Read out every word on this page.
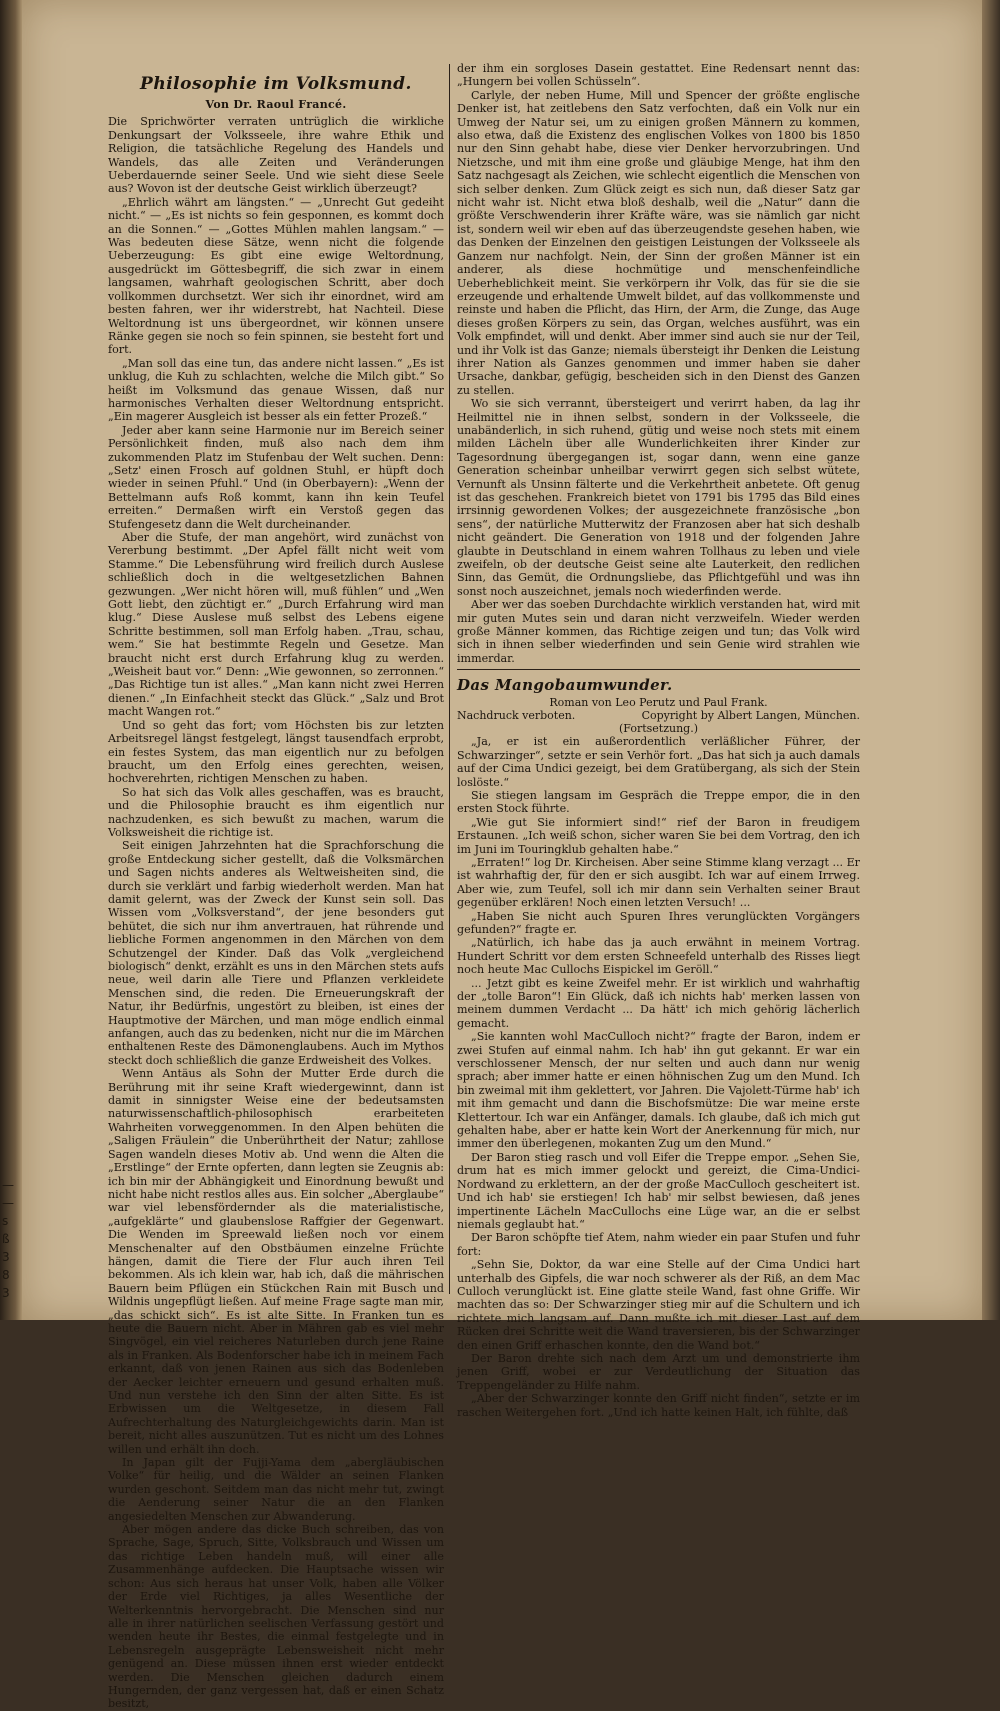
—
—
s
ß
3
8
3
Philosophie im Volksmund.
Von Dr. Raoul Francé.

Die Sprichwörter verraten untrüglich die wirkliche Denkungsart der Volksseele, ihre wahre Ethik und Religion, die tatsächliche Regelung des Handels und Wandels, das alle Zeiten und Veränderungen Ueberdauernde seiner Seele. Und wie sieht diese Seele aus? Wovon ist der deutsche Geist wirklich überzeugt?

„Ehrlich währt am längsten.“ — „Unrecht Gut gedeiht nicht.“ — „Es ist nichts so fein gesponnen, es kommt doch an die Sonnen.“ — „Gottes Mühlen mahlen langsam.“ — Was bedeuten diese Sätze, wenn nicht die folgende Ueberzeugung: Es gibt eine ewige Weltordnung, ausgedrückt im Göttesbegriff, die sich zwar in einem langsamen, wahrhaft geologischen Schritt, aber doch vollkommen durchsetzt. Wer sich ihr einordnet, wird am besten fahren, wer ihr widerstrebt, hat Nachteil. Diese Weltordnung ist uns übergeordnet, wir können unsere Ränke gegen sie noch so fein spinnen, sie besteht fort und fort.

„Man soll das eine tun, das andere nicht lassen.“ „Es ist unklug, die Kuh zu schlachten, welche die Milch gibt.“ So heißt im Volksmund das genaue Wissen, daß nur harmonisches Verhalten dieser Weltordnung entspricht. „Ein magerer Ausgleich ist besser als ein fetter Prozeß.“

Jeder aber kann seine Harmonie nur im Bereich seiner Persönlichkeit finden, muß also nach dem ihm zukommenden Platz im Stufenbau der Welt suchen. Denn: „Setz' einen Frosch auf goldnen Stuhl, er hüpft doch wieder in seinen Pfuhl.“ Und (in Oberbayern): „Wenn der Bettelmann aufs Roß kommt, kann ihn kein Teufel erreiten.“ Dermaßen wirft ein Verstoß gegen das Stufengesetz dann die Welt durcheinander.

Aber die Stufe, der man angehört, wird zunächst von Vererbung bestimmt. „Der Apfel fällt nicht weit vom Stamme.“ Die Lebensführung wird freilich durch Auslese schließlich doch in die weltgesetzlichen Bahnen gezwungen. „Wer nicht hören will, muß fühlen“ und „Wen Gott liebt, den züchtigt er.“ „Durch Erfahrung wird man klug.“ Diese Auslese muß selbst des Lebens eigene Schritte bestimmen, soll man Erfolg haben. „Trau, schau, wem.“ Sie hat bestimmte Regeln und Gesetze. Man braucht nicht erst durch Erfahrung klug zu werden. „Weisheit baut vor.“ Denn: „Wie gewonnen, so zerronnen.“ „Das Richtige tun ist alles.“ „Man kann nicht zwei Herren dienen.“ „In Einfachheit steckt das Glück.“ „Salz und Brot macht Wangen rot.“

Und so geht das fort; vom Höchsten bis zur letzten Arbeitsregel längst festgelegt, längst tausendfach erprobt, ein festes System, das man eigentlich nur zu befolgen braucht, um den Erfolg eines gerechten, weisen, hochverehrten, richtigen Menschen zu haben.

So hat sich das Volk alles geschaffen, was es braucht, und die Philosophie braucht es ihm eigentlich nur nachzudenken, es sich bewußt zu machen, warum die Volksweisheit die richtige ist.

Seit einigen Jahrzehnten hat die Sprachforschung die große Entdeckung sicher gestellt, daß die Volksmärchen und Sagen nichts anderes als Weltweisheiten sind, die durch sie verklärt und farbig wiederholt werden. Man hat damit gelernt, was der Zweck der Kunst sein soll. Das Wissen vom „Volksverstand“, der jene besonders gut behütet, die sich nur ihm anvertrauen, hat rührende und liebliche Formen angenommen in den Märchen von dem Schutzengel der Kinder. Daß das Volk „vergleichend biologisch“ denkt, erzählt es uns in den Märchen stets aufs neue, weil darin alle Tiere und Pflanzen verkleidete Menschen sind, die reden. Die Erneuerungskraft der Natur, ihr Bedürfnis, ungestört zu bleiben, ist eines der Hauptmotive der Märchen, und man möge endlich einmal anfangen, auch das zu bedenken, nicht nur die im Märchen enthaltenen Reste des Dämonenglaubens. Auch im Mythos steckt doch schließlich die ganze Erdweisheit des Volkes.

Wenn Antäus als Sohn der Mutter Erde durch die Berührung mit ihr seine Kraft wiedergewinnt, dann ist damit in sinnigster Weise eine der bedeutsamsten naturwissenschaftlich-philosophisch erarbeiteten Wahrheiten vorweggenommen. In den Alpen behüten die „Saligen Fräulein“ die Unberührtheit der Natur; zahllose Sagen wandeln dieses Motiv ab. Und wenn die Alten die „Erstlinge“ der Ernte opferten, dann legten sie Zeugnis ab: ich bin mir der Abhängigkeit und Einordnung bewußt und nicht habe nicht restlos alles aus. Ein solcher „Aberglaube“ war viel lebensfördernder als die materialistische, „aufgeklärte“ und glaubenslose Raffgier der Gegenwart. Die Wenden im Spreewald ließen noch vor einem Menschenalter auf den Obstbäumen einzelne Früchte hängen, damit die Tiere der Flur auch ihren Teil bekommen. Als ich klein war, hab ich, daß die mährischen Bauern beim Pflügen ein Stückchen Rain mit Busch und Wildnis ungepflügt ließen. Auf meine Frage sagte man mir, „das schickt sich“. Es ist alte Sitte. In Franken tun es heute die Bauern nicht. Aber in Mähren gab es viel mehr Singvögel, ein viel reicheres Naturleben durch jene Raine als in Franken. Als Bodenforscher habe ich in meinem Fach erkannt, daß von jenen Rainen aus sich das Bodenleben der Aecker leichter erneuern und gesund erhalten muß. Und nun verstehe ich den Sinn der alten Sitte. Es ist Erbwissen um die Weltgesetze, in diesem Fall Aufrechterhaltung des Naturgleichgewichts darin. Man ist bereit, nicht alles auszunützen. Tut es nicht um des Lohnes willen und erhält ihn doch.

In Japan gilt der Fujji-Yama dem „abergläubischen Volke“ für heilig, und die Wälder an seinen Flanken wurden geschont. Seitdem man das nicht mehr tut, zwingt die Aenderung seiner Natur die an den Flanken angesiedelten Menschen zur Abwanderung.

Aber mögen andere das dicke Buch schreiben, das von Sprache, Sage, Spruch, Sitte, Volksbrauch und Wissen um das richtige Leben handeln muß, will einer alle Zusammenhänge aufdecken. Die Hauptsache wissen wir schon: Aus sich heraus hat unser Volk, haben alle Völker der Erde viel Richtiges, ja alles Wesentliche der Welterkenntnis hervorgebracht. Die Menschen sind nur alle in ihrer natürlichen seelischen Verfassung gestört und wenden heute ihr Bestes, die einmal festgelegte und in Lebensregeln ausgeprägte Lebensweisheit nicht mehr genügend an. Diese müssen ihnen erst wieder entdeckt werden. Die Menschen gleichen dadurch einem Hungernden, der ganz vergessen hat, daß er einen Schatz besitzt,

der ihm ein sorgloses Dasein gestattet. Eine Redensart nennt das: „Hungern bei vollen Schüsseln“.

Carlyle, der neben Hume, Mill und Spencer der größte englische Denker ist, hat zeitlebens den Satz verfochten, daß ein Volk nur ein Umweg der Natur sei, um zu einigen großen Männern zu kommen, also etwa, daß die Existenz des englischen Volkes von 1800 bis 1850 nur den Sinn gehabt habe, diese vier Denker hervorzubringen. Und Nietzsche, und mit ihm eine große und gläubige Menge, hat ihm den Satz nachgesagt als Zeichen, wie schlecht eigentlich die Menschen von sich selber denken. Zum Glück zeigt es sich nun, daß dieser Satz gar nicht wahr ist. Nicht etwa bloß deshalb, weil die „Natur“ dann die größte Verschwenderin ihrer Kräfte wäre, was sie nämlich gar nicht ist, sondern weil wir eben auf das überzeugendste gesehen haben, wie das Denken der Einzelnen den geistigen Leistungen der Volksseele als Ganzem nur nachfolgt. Nein, der Sinn der großen Männer ist ein anderer, als diese hochmütige und menschenfeindliche Ueberheblichkeit meint. Sie verkörpern ihr Volk, das für sie die sie erzeugende und erhaltende Umwelt bildet, auf das vollkommenste und reinste und haben die Pflicht, das Hirn, der Arm, die Zunge, das Auge dieses großen Körpers zu sein, das Organ, welches ausführt, was ein Volk empfindet, will und denkt. Aber immer sind auch sie nur der Teil, und ihr Volk ist das Ganze; niemals übersteigt ihr Denken die Leistung ihrer Nation als Ganzes genommen und immer haben sie daher Ursache, dankbar, gefügig, bescheiden sich in den Dienst des Ganzen zu stellen.

Wo sie sich verrannt, übersteigert und verirrt haben, da lag ihr Heilmittel nie in ihnen selbst, sondern in der Volksseele, die unabänderlich, in sich ruhend, gütig und weise noch stets mit einem milden Lächeln über alle Wunderlichkeiten ihrer Kinder zur Tagesordnung übergegangen ist, sogar dann, wenn eine ganze Generation scheinbar unheilbar verwirrt gegen sich selbst wütete, Vernunft als Unsinn fälterte und die Verkehrtheit anbetete. Oft genug ist das geschehen. Frankreich bietet von 1791 bis 1795 das Bild eines irrsinnig gewordenen Volkes; der ausgezeichnete französische „bon sens“, der natürliche Mutterwitz der Franzosen aber hat sich deshalb nicht geändert. Die Generation von 1918 und der folgenden Jahre glaubte in Deutschland in einem wahren Tollhaus zu leben und viele zweifeln, ob der deutsche Geist seine alte Lauterkeit, den redlichen Sinn, das Gemüt, die Ordnungsliebe, das Pflichtgefühl und was ihn sonst noch auszeichnet, jemals noch wiederfinden werde.

Aber wer das soeben Durchdachte wirklich verstanden hat, wird mit mir guten Mutes sein und daran nicht verzweifeln. Wieder werden große Männer kommen, das Richtige zeigen und tun; das Volk wird sich in ihnen selber wiederfinden und sein Genie wird strahlen wie immerdar.

Das Mangobaumwunder.
Roman von Leo Perutz und Paul Frank.
Nachdruck verboten.	Copyright by Albert Langen, München.
(Fortsetzung.)

„Ja, er ist ein außerordentlich verläßlicher Führer, der Schwarzinger“, setzte er sein Verhör fort. „Das hat sich ja auch damals auf der Cima Undici gezeigt, bei dem Gratübergang, als sich der Stein loslöste.“

Sie stiegen langsam im Gespräch die Treppe empor, die in den ersten Stock führte.

„Wie gut Sie informiert sind!“ rief der Baron in freudigem Erstaunen. „Ich weiß schon, sicher waren Sie bei dem Vortrag, den ich im Juni im Touringklub gehalten habe.“

„Erraten!“ log Dr. Kircheisen. Aber seine Stimme klang verzagt ... Er ist wahrhaftig der, für den er sich ausgibt. Ich war auf einem Irrweg. Aber wie, zum Teufel, soll ich mir dann sein Verhalten seiner Braut gegenüber erklären! Noch einen letzten Versuch! ...

„Haben Sie nicht auch Spuren Ihres verunglückten Vorgängers gefunden?“ fragte er.

„Natürlich, ich habe das ja auch erwähnt in meinem Vortrag. Hundert Schritt vor dem ersten Schneefeld unterhalb des Risses liegt noch heute Mac Cullochs Eispickel im Geröll.“

... Jetzt gibt es keine Zweifel mehr. Er ist wirklich und wahrhaftig der „tolle Baron“! Ein Glück, daß ich nichts hab' merken lassen von meinem dummen Verdacht ... Da hätt' ich mich gehörig lächerlich gemacht.

„Sie kannten wohl MacCulloch nicht?“ fragte der Baron, indem er zwei Stufen auf einmal nahm. Ich hab' ihn gut gekannt. Er war ein verschlossener Mensch, der nur selten und auch dann nur wenig sprach; aber immer hatte er einen höhnischen Zug um den Mund. Ich bin zweimal mit ihm geklettert, vor Jahren. Die Vajolett-Türme hab' ich mit ihm gemacht und dann die Bischofsmütze: Die war meine erste Klettertour. Ich war ein Anfänger, damals. Ich glaube, daß ich mich gut gehalten habe, aber er hatte kein Wort der Anerkennung für mich, nur immer den überlegenen, mokanten Zug um den Mund.“

Der Baron stieg rasch und voll Eifer die Treppe empor. „Sehen Sie, drum hat es mich immer gelockt und gereizt, die Cima-Undici-Nordwand zu erklettern, an der der große MacCulloch gescheitert ist. Und ich hab' sie erstiegen! Ich hab' mir selbst bewiesen, daß jenes impertinente Lächeln MacCullochs eine Lüge war, an die er selbst niemals geglaubt hat.“

Der Baron schöpfte tief Atem, nahm wieder ein paar Stufen und fuhr fort:

„Sehn Sie, Doktor, da war eine Stelle auf der Cima Undici hart unterhalb des Gipfels, die war noch schwerer als der Riß, an dem Mac Culloch verunglückt ist. Eine glatte steile Wand, fast ohne Griffe. Wir machten das so: Der Schwarzinger stieg mir auf die Schultern und ich richtete mich langsam auf. Dann mußte ich mit dieser Last auf dem Rücken drei Schritte weit die Wand traversieren, bis der Schwarzinger den einen Griff erhaschen konnte, den die Wand bot.“

Der Baron drehte sich nach dem Arzt um und demonstrierte ihm jenen Griff, wobei er zur Verdeutlichung der Situation das Treppengeländer zu Hilfe nahm.

„Aber der Schwarzinger konnte den Griff nicht finden“, setzte er im raschen Weitergehen fort. „Und ich hatte keinen Halt, ich fühlte, daß
